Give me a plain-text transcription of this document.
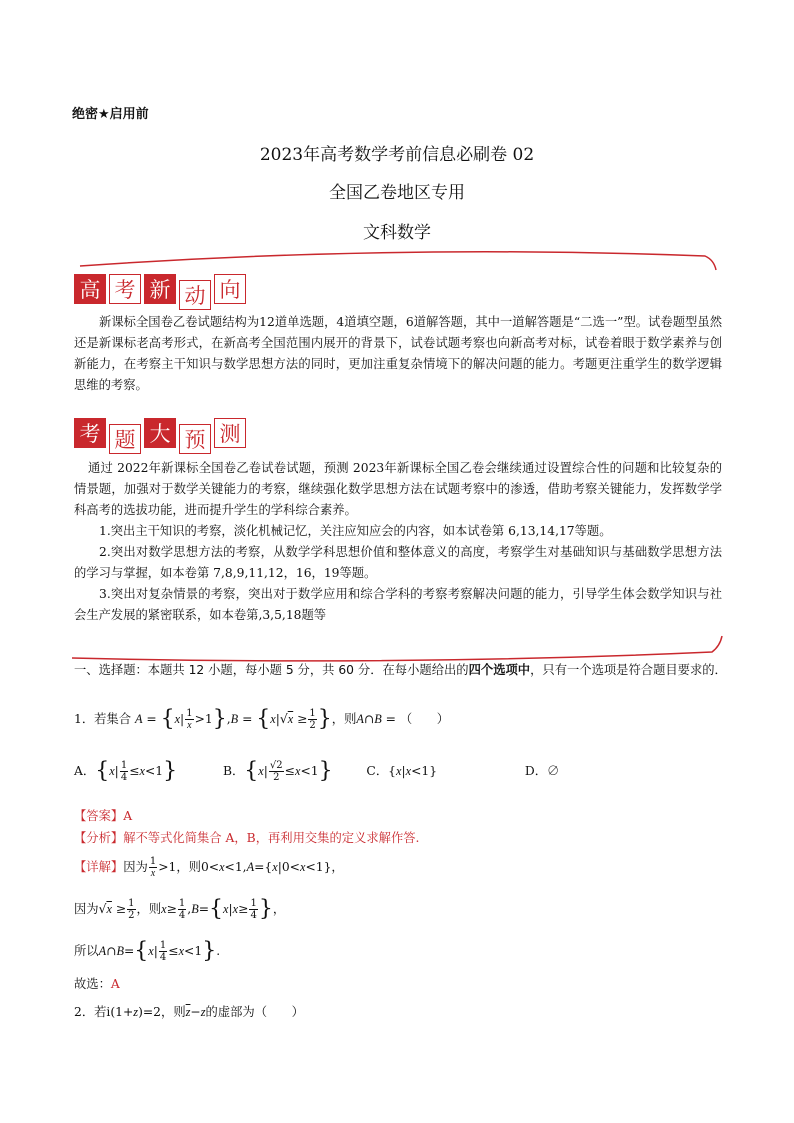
绝密★启用前
2023年高考数学考前信息必刷卷 02
全国乙卷地区专用
文科数学
高 考 新 动 向
新课标全国卷乙卷试题结构为12道单选题，4道填空题，6道解答题，其中一道解答题是“二选一”型。试卷题型虽然还是新课标老高考形式，在新高考全国范围内展开的背景下，试卷试题考察也向新高考对标，试卷着眼于数学素养与创新能力，在考察主干知识与数学思想方法的同时，更加注重复杂情境下的解决问题的能力。考题更注重学生的数学逻辑思维的考察。
考 题 大 预 测
通过 2022年新课标全国卷乙卷试卷试题，预测 2023年新课标全国乙卷会继续通过设置综合性的问题和比较复杂的情景题，加强对于数学关键能力的考察，继续强化数学思想方法在试题考察中的渗透，借助考察关键能力，发挥数学学科高考的选拔功能，进而提升学生的学科综合素养。
1.突出主干知识的考察，淡化机械记忆，关注应知应会的内容，如本试卷第 6,13,14,17等题。
2.突出对数学思想方法的考察，从数学学科思想价值和整体意义的高度，考察学生对基础知识与基础数学思想方法的学习与掌握，如本卷第 7,8,9,11,12，16，19等题。
3.突出对复杂情景的考察，突出对于数学应用和综合学科的考察考察解决问题的能力，引导学生体会数学知识与社会生产发展的紧密联系，如本卷第,3,5,18题等
一、选择题：本题共 12 小题，每小题 5 分，共 60 分．在每小题给出的四个选项中，只有一个选项是符合题目要求的．
1．若集合 $A = \{x| \frac{1}{x} >1\},B = \{x|√x \ge \frac{1}{2}$ }，则A∩B = （　　）
A．$\{x| \frac{1}{4} \le x<1\}$	B．$\{x| \frac{√2}{2} \le x<1\}$	C．{x|x<1}	D．∅
【答案】A
【分析】解不等式化简集合 A，B，再利用交集的定义求解作答.
【详解】因为 $\frac{1}{x} >1$，则0<x<1,A={x|0<x<1}，
因为$√x \ge \frac{1}{2}$ ，则$x\ge \frac{1}{4} ,B=\{x|x\ge \frac{1}{4}$ }，
所以A∩B={x| $\frac{1}{4} \le x<1$}.
故选：A
2．若i(1+z)=2，则$\overline{z}-z$的虚部为（　　）
